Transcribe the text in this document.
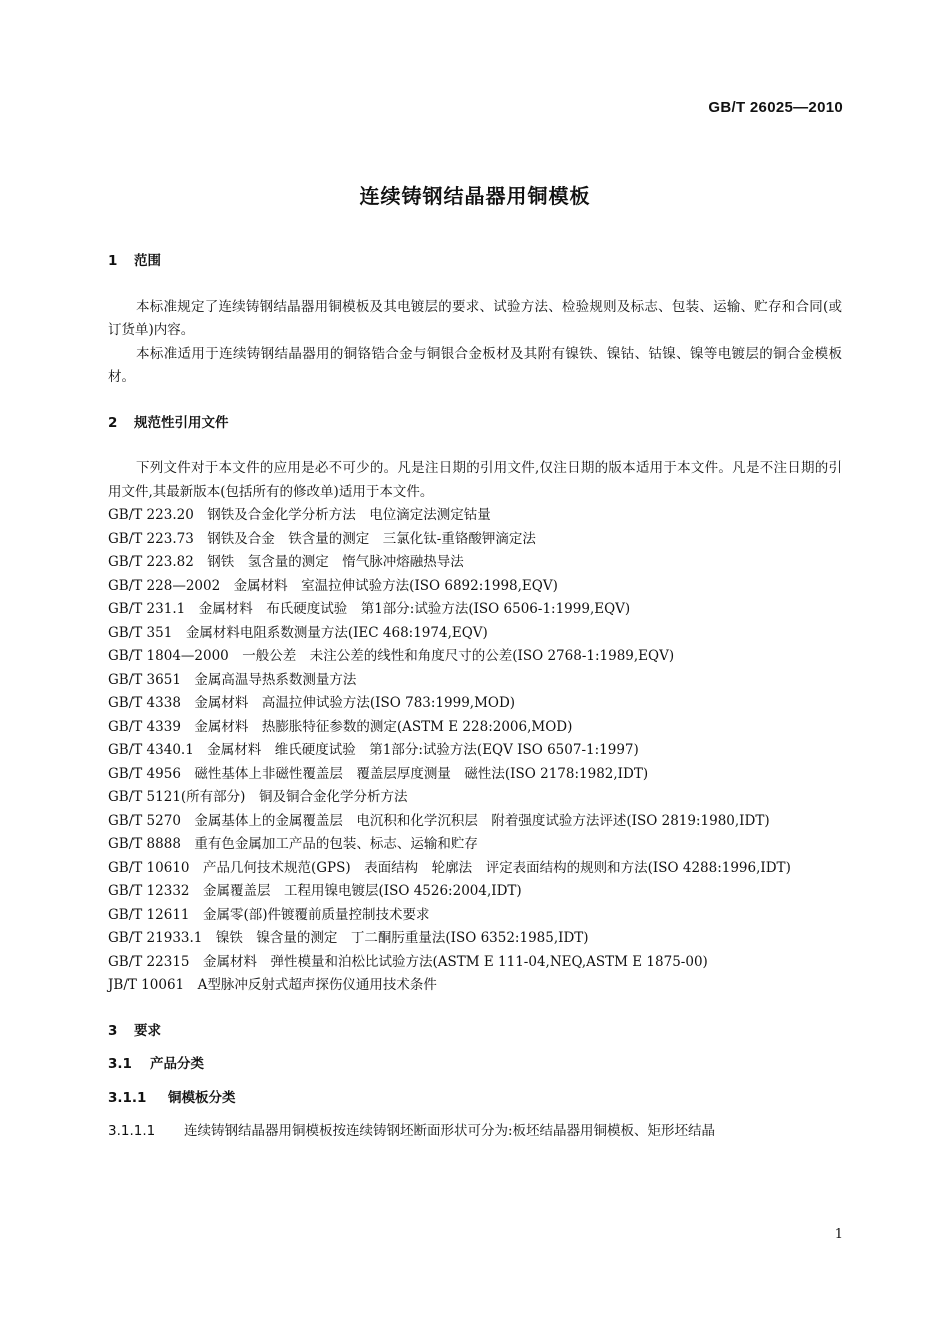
GB/T 26025—2010
连续铸钢结晶器用铜模板
1 范围

本标准规定了连续铸钢结晶器用铜模板及其电镀层的要求、试验方法、检验规则及标志、包装、运输、贮存和合同(或订货单)内容。

本标准适用于连续铸钢结晶器用的铜铬锆合金与铜银合金板材及其附有镍铁、镍钴、钴镍、镍等电镀层的铜合金模板材。

2 规范性引用文件

下列文件对于本文件的应用是必不可少的。凡是注日期的引用文件,仅注日期的版本适用于本文件。凡是不注日期的引用文件,其最新版本(包括所有的修改单)适用于本文件。

GB/T 223.20　钢铁及合金化学分析方法　电位滴定法测定钴量

GB/T 223.73　钢铁及合金　铁含量的测定　三氯化钛-重铬酸钾滴定法

GB/T 223.82　钢铁　氢含量的测定　惰气脉冲熔融热导法

GB/T 228—2002　金属材料　室温拉伸试验方法(ISO 6892:1998,EQV)

GB/T 231.1　金属材料　布氏硬度试验　第1部分:试验方法(ISO 6506-1:1999,EQV)

GB/T 351　金属材料电阻系数测量方法(IEC 468:1974,EQV)

GB/T 1804—2000　一般公差　未注公差的线性和角度尺寸的公差(ISO 2768-1:1989,EQV)

GB/T 3651　金属高温导热系数测量方法

GB/T 4338　金属材料　高温拉伸试验方法(ISO 783:1999,MOD)

GB/T 4339　金属材料　热膨胀特征参数的测定(ASTM E 228:2006,MOD)

GB/T 4340.1　金属材料　维氏硬度试验　第1部分:试验方法(EQV ISO 6507-1:1997)

GB/T 4956　磁性基体上非磁性覆盖层　覆盖层厚度测量　磁性法(ISO 2178:1982,IDT)

GB/T 5121(所有部分)　铜及铜合金化学分析方法

GB/T 5270　金属基体上的金属覆盖层　电沉积和化学沉积层　附着强度试验方法评述(ISO 2819:1980,IDT)

GB/T 8888　重有色金属加工产品的包装、标志、运输和贮存

GB/T 10610　产品几何技术规范(GPS)　表面结构　轮廓法　评定表面结构的规则和方法(ISO 4288:1996,IDT)

GB/T 12332　金属覆盖层　工程用镍电镀层(ISO 4526:2004,IDT)

GB/T 12611　金属零(部)件镀覆前质量控制技术要求

GB/T 21933.1　镍铁　镍含量的测定　丁二酮肟重量法(ISO 6352:1985,IDT)

GB/T 22315　金属材料　弹性模量和泊松比试验方法(ASTM E 111-04,NEQ,ASTM E 1875-00)

JB/T 10061　A型脉冲反射式超声探伤仪通用技术条件

3 要求
3.1 产品分类
3.1.1 铜模板分类

3.1.1.1 连续铸钢结晶器用铜模板按连续铸钢坯断面形状可分为:板坯结晶器用铜模板、矩形坯结晶

1
